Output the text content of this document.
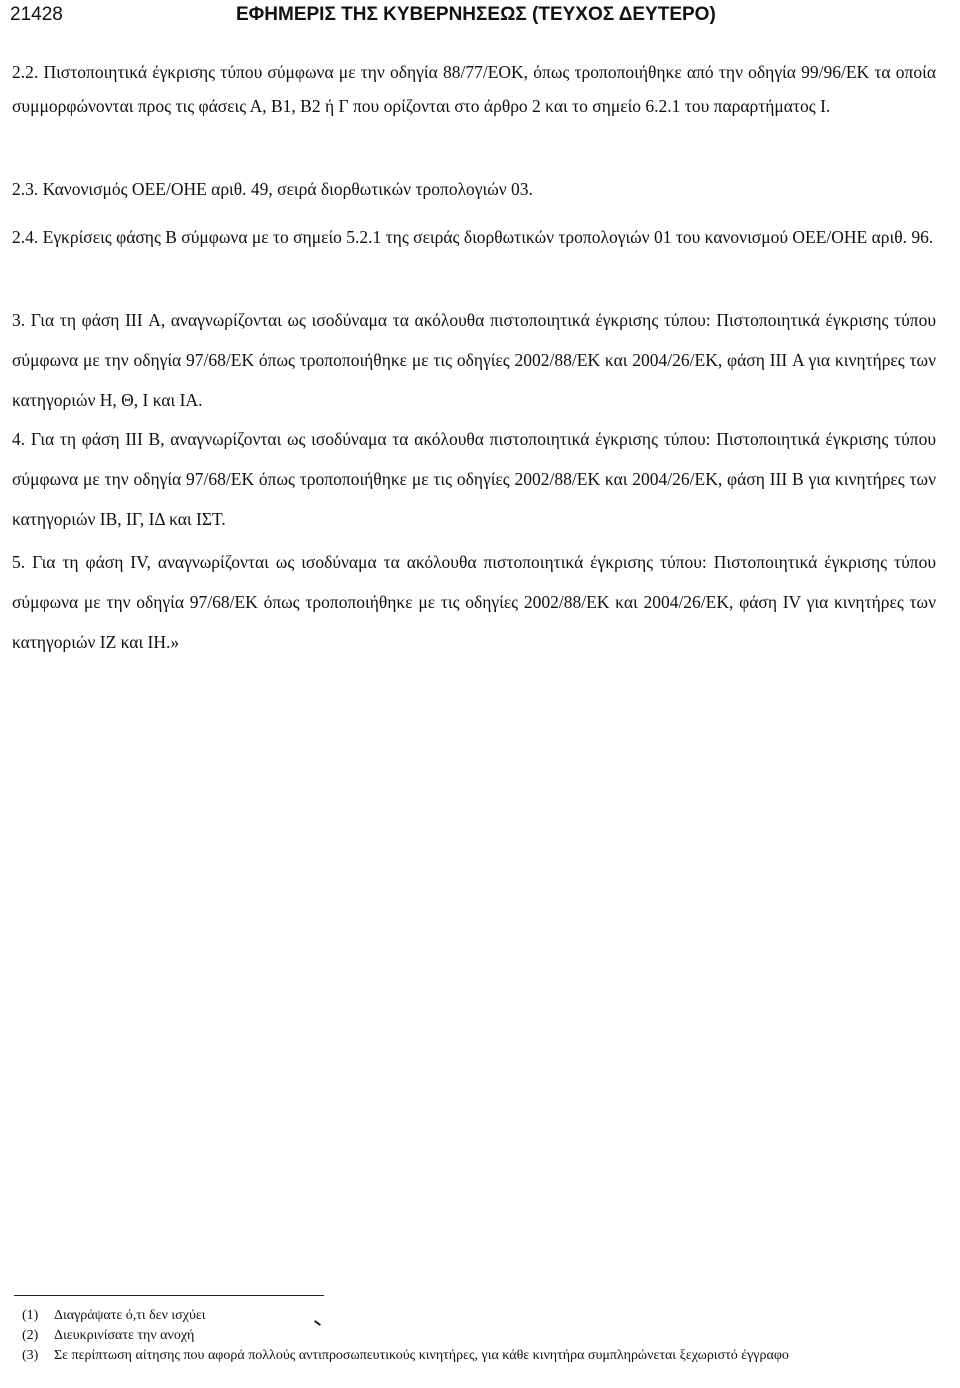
21428	ΕΦΗΜΕΡΙΣ ΤΗΣ ΚΥΒΕΡΝΗΣΕΩΣ (ΤΕΥΧΟΣ ΔΕΥΤΕΡΟ)

2.2. Πιστοποιητικά έγκρισης τύπου σύμφωνα με την οδηγία 88/77/ΕΟΚ, όπως τροποποιήθηκε από την οδηγία 99/96/ΕΚ τα οποία συμμορφώνονται προς τις φάσεις Α, Β1, Β2 ή Γ που ορίζονται στο άρθρο 2 και το σημείο 6.2.1 του παραρτήματος I.

2.3. Κανονισμός ΟΕΕ/ΟΗΕ αριθ. 49, σειρά διορθωτικών τροπολογιών 03.

2.4. Εγκρίσεις φάσης Β σύμφωνα με το σημείο 5.2.1 της σειράς διορθωτικών τροπολογιών 01 του κανονισμού ΟΕΕ/ΟΗΕ αριθ. 96.

3. Για τη φάση III Α, αναγνωρίζονται ως ισοδύναμα τα ακόλουθα πιστοποιητικά έγκρισης τύπου: Πιστοποιητικά έγκρισης τύπου σύμφωνα με την οδηγία 97/68/ΕΚ όπως τροποποιήθηκε με τις οδηγίες 2002/88/ΕΚ και 2004/26/ΕΚ, φάση III Α για κινητήρες των κατηγοριών Η, Θ, Ι και ΙΑ.

4. Για τη φάση III Β, αναγνωρίζονται ως ισοδύναμα τα ακόλουθα πιστοποιητικά έγκρισης τύπου: Πιστοποιητικά έγκρισης τύπου σύμφωνα με την οδηγία 97/68/ΕΚ όπως τροποποιήθηκε με τις οδηγίες 2002/88/ΕΚ και 2004/26/ΕΚ, φάση III Β για κινητήρες των κατηγοριών ΙΒ, ΙΓ, ΙΔ και ΙΣΤ.

5. Για τη φάση IV, αναγνωρίζονται ως ισοδύναμα τα ακόλουθα πιστοποιητικά έγκρισης τύπου: Πιστοποιητικά έγκρισης τύπου σύμφωνα με την οδηγία 97/68/ΕΚ όπως τροποποιήθηκε με τις οδηγίες 2002/88/ΕΚ και 2004/26/ΕΚ, φάση IV για κινητήρες των κατηγοριών ΙΖ και ΙΗ.»

(1) Διαγράψατε ό,τι δεν ισχύει
(2) Διευκρινίσατε την ανοχή
(3) Σε περίπτωση αίτησης που αφορά πολλούς αντιπροσωπευτικούς κινητήρες, για κάθε κινητήρα συμπληρώνεται ξεχωριστό έγγραφο
